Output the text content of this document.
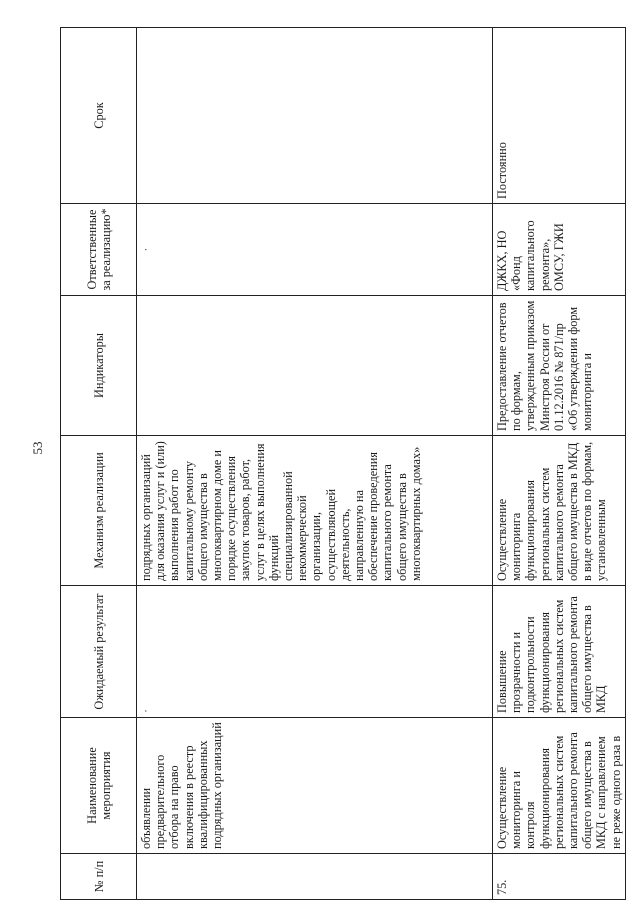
53
№ п/п	Наименование мероприятия	Ожидаемый результат	Механизм реализации	Индикаторы	Ответственные за реализацию*	Срок
	объявлении предварительного отбора на право включения в реестр квалифицированных подрядных организаций	·	подрядных организаций для оказания услуг и (или) выполнения работ по капитальному ремонту общего имущества в многоквартирном доме и порядке осуществления закупок товаров, работ, услуг в целях выполнения функций специализированной некоммерческой организации, осуществляющей деятельность, направленную на обеспечение проведения капитального ремонта общего имущества в многоквартирных домах»		·	
75.	Осуществление мониторинга и контроля функционирования региональных систем капитального ремонта общего имущества в МКД с направлением не реже одного раза в	Повышение прозрачности и подконтрольности функционирования региональных систем капитального ремонта общего имущества в МКД	Осуществление мониторинга функционирования региональных систем капитального ремонта общего имущества в МКД в виде отчетов по формам, установленным	Предоставление отчетов по формам, утвержденным приказом Минстроя России от 01.12.2016 № 871/пр «Об утверждении форм мониторинга и	ДЖКХ, НО «Фонд капитального ремонта», ОМСУ, ГЖИ	Постоянно
